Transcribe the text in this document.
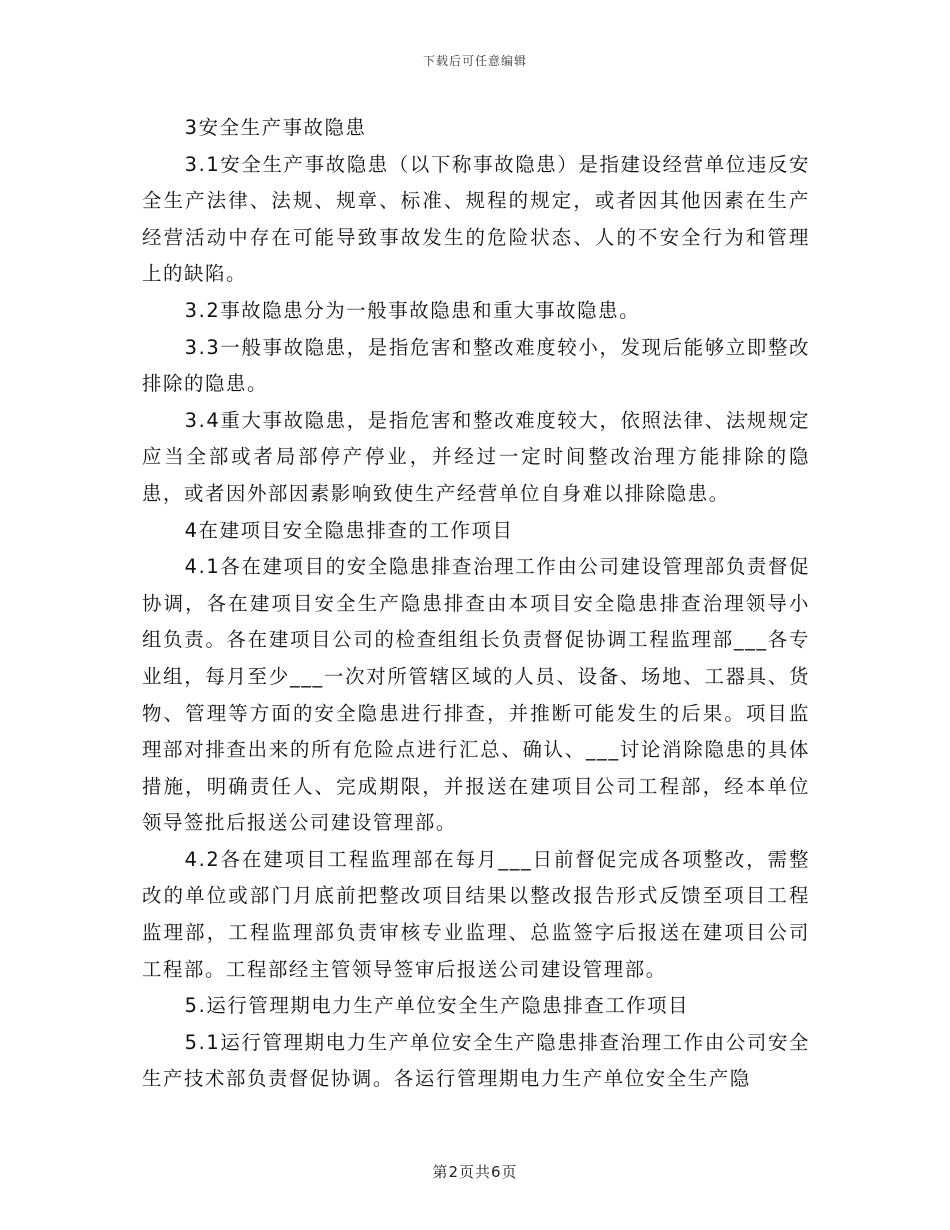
下载后可任意编辑

3安全生产事故隐患

3.1安全生产事故隐患（以下称事故隐患）是指建设经营单位违反安全生产法律、法规、规章、标准、规程的规定，或者因其他因素在生产经营活动中存在可能导致事故发生的危险状态、人的不安全行为和管理上的缺陷。

3.2事故隐患分为一般事故隐患和重大事故隐患。

3.3一般事故隐患，是指危害和整改难度较小，发现后能够立即整改排除的隐患。

3.4重大事故隐患，是指危害和整改难度较大，依照法律、法规规定应当全部或者局部停产停业，并经过一定时间整改治理方能排除的隐患，或者因外部因素影响致使生产经营单位自身难以排除隐患。

4在建项目安全隐患排查的工作项目

4.1各在建项目的安全隐患排查治理工作由公司建设管理部负责督促协调，各在建项目安全生产隐患排查由本项目安全隐患排查治理领导小组负责。各在建项目公司的检查组组长负责督促协调工程监理部___各专业组，每月至少___一次对所管辖区域的人员、设备、场地、工器具、货物、管理等方面的安全隐患进行排查，并推断可能发生的后果。项目监理部对排查出来的所有危险点进行汇总、确认、___讨论消除隐患的具体措施，明确责任人、完成期限，并报送在建项目公司工程部，经本单位领导签批后报送公司建设管理部。

4.2各在建项目工程监理部在每月___日前督促完成各项整改，需整改的单位或部门月底前把整改项目结果以整改报告形式反馈至项目工程监理部，工程监理部负责审核专业监理、总监签字后报送在建项目公司工程部。工程部经主管领导签审后报送公司建设管理部。

5.运行管理期电力生产单位安全生产隐患排查工作项目

5.1运行管理期电力生产单位安全生产隐患排查治理工作由公司安全生产技术部负责督促协调。各运行管理期电力生产单位安全生产隐

第2页共6页
